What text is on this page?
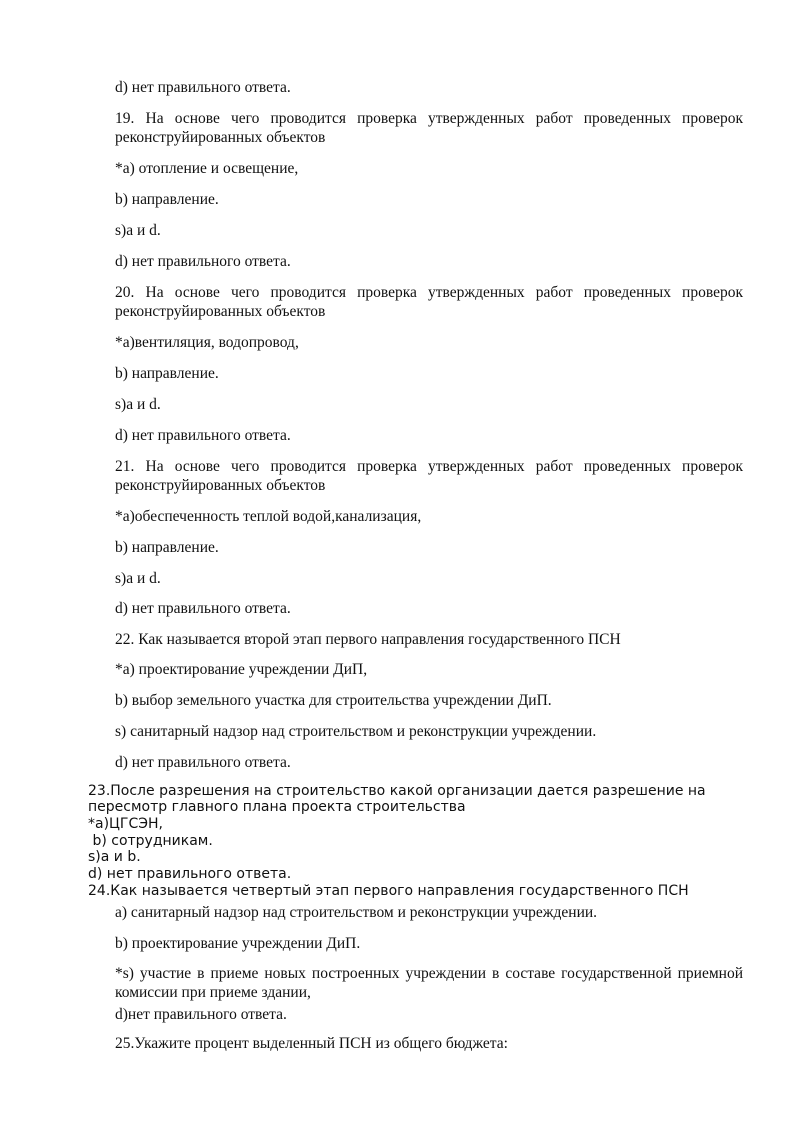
d) нет правильного ответа.

19. На основе чего проводится проверка утвержденных работ проведенных проверок реконструйированных объектов

*a) отопление и освещение,

b) направление.

s)a и d.

d) нет правильного ответа.

20. На основе чего проводится проверка утвержденных работ проведенных проверок реконструйированных объектов

*a)вентиляция, водопровод,

b) направление.

s)a и d.

d) нет правильного ответа.

21. На основе чего проводится проверка утвержденных работ проведенных проверок реконструйированных объектов

*a)обеспеченность теплой водой,канализация,

b) направление.

s)a и d.

d) нет правильного ответа.

22. Как называется второй этап первого направления государственного ПСН

*a) проектирование учреждении ДиП,

b) выбор земельного участка для строительства учреждении ДиП.

s) санитарный надзор над строительством и реконструкции учреждении.

d) нет правильного ответа.

23.После разрешения на строительство какой организации дается разрешение на пересмотр главного плана проекта строительства

*a)ЦГСЭН,

b) сотрудникам.

s)a и b.

d) нет правильного ответа.

24.Как называется четвертый этап первого направления государственного ПСН

a) санитарный надзор над строительством и реконструкции учреждении.

b) проектирование учреждении ДиП.

*s) участие в приеме новых построенных учреждении в составе государственной приемной комиссии при приеме здании,

d)нет правильного ответа.

25.Укажите процент выделенный ПСН из общего бюджета:
